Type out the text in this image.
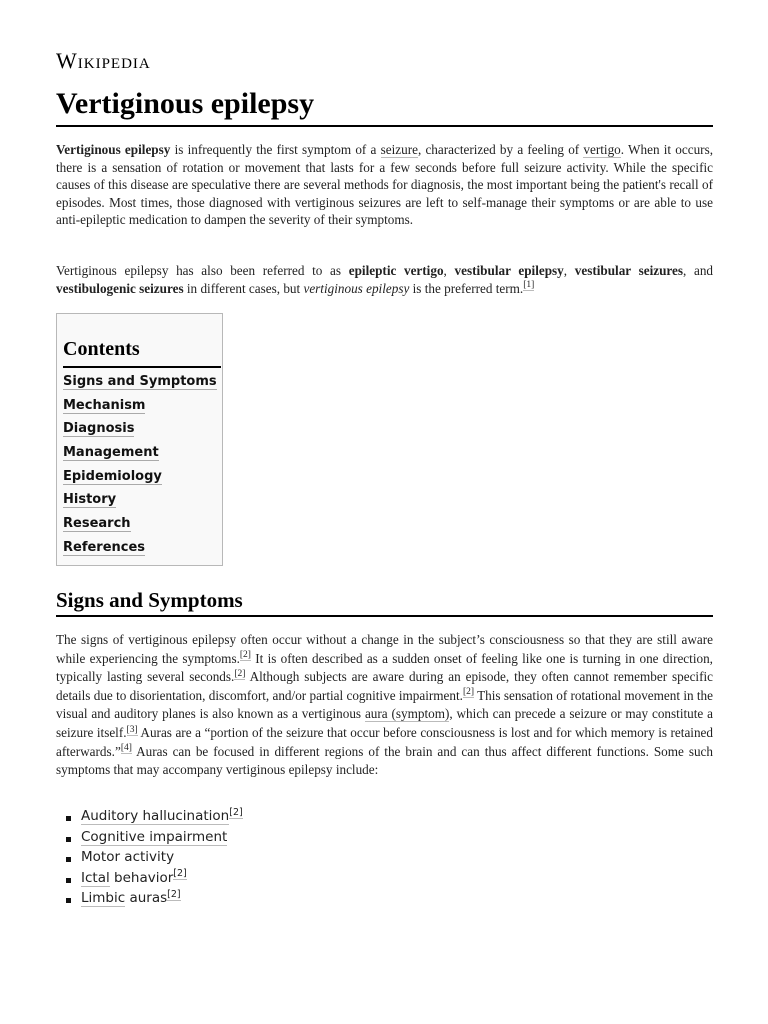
Wikipedia
Vertiginous epilepsy

Vertiginous epilepsy is infrequently the first symptom of a seizure, characterized by a feeling of vertigo. When it occurs, there is a sensation of rotation or movement that lasts for a few seconds before full seizure activity. While the specific causes of this disease are speculative there are several methods for diagnosis, the most important being the patient's recall of episodes. Most times, those diagnosed with vertiginous seizures are left to self-manage their symptoms or are able to use anti-epileptic medication to dampen the severity of their symptoms.

Vertiginous epilepsy has also been referred to as epileptic vertigo, vestibular epilepsy, vestibular seizures, and vestibulogenic seizures in different cases, but vertiginous epilepsy is the preferred term.[1]

Contents
Signs and Symptoms
Mechanism
Diagnosis
Management
Epidemiology
History
Research
References
Signs and Symptoms

The signs of vertiginous epilepsy often occur without a change in the subject’s consciousness so that they are still aware while experiencing the symptoms.[2] It is often described as a sudden onset of feeling like one is turning in one direction, typically lasting several seconds.[2] Although subjects are aware during an episode, they often cannot remember specific details due to disorientation, discomfort, and/or partial cognitive impairment.[2] This sensation of rotational movement in the visual and auditory planes is also known as a vertiginous aura (symptom), which can precede a seizure or may constitute a seizure itself.[3] Auras are a “portion of the seizure that occur before consciousness is lost and for which memory is retained afterwards.”[4] Auras can be focused in different regions of the brain and can thus affect different functions. Some such symptoms that may accompany vertiginous epilepsy include:

Auditory hallucination[2]
Cognitive impairment
Motor activity
Ictal behavior[2]
Limbic auras[2]
